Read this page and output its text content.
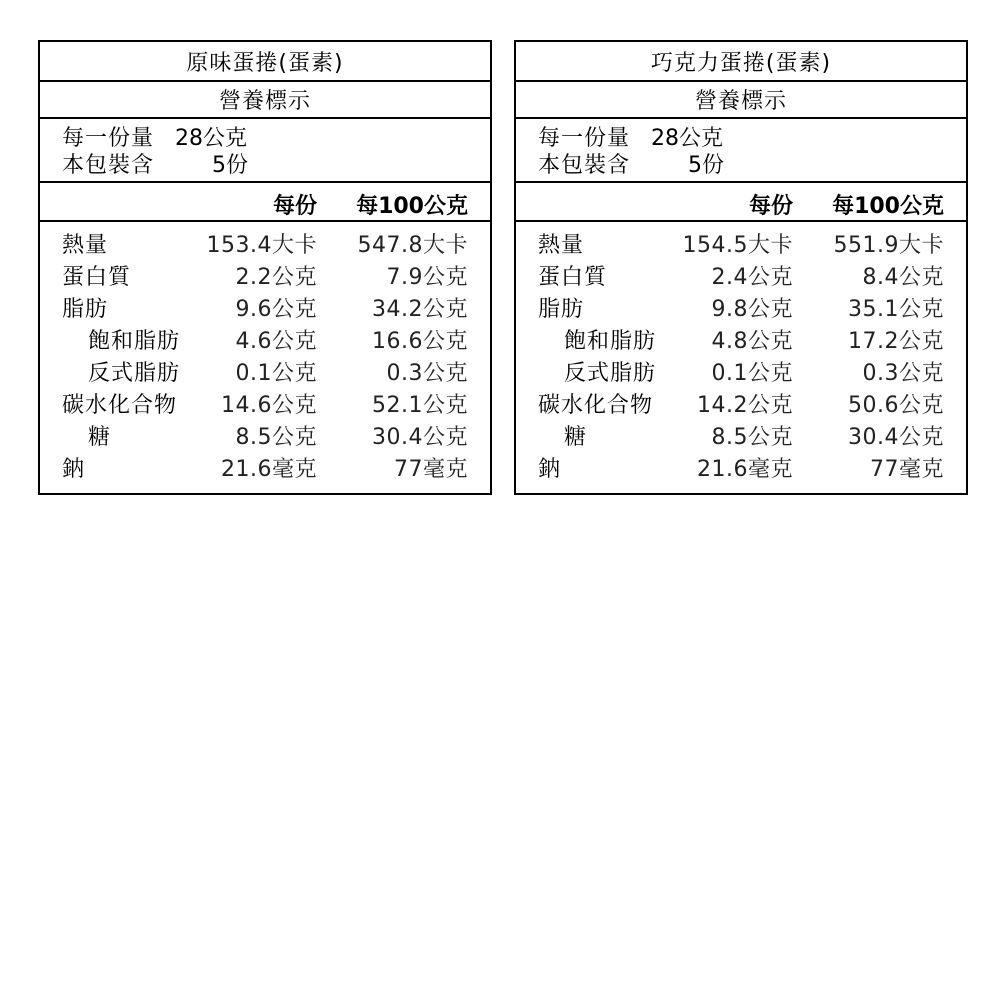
原味蛋捲(蛋素)
營養標示
每一份量 28公克
本包裝含	5份
每份 每100公克
熱量	153.4大卡 547.8大卡
蛋白質	2.2公克	7.9公克
脂肪	9.6公克	34.2公克
飽和脂肪	4.6公克	16.6公克
反式脂肪	0.1公克	0.3公克
碳水化合物 14.6公克	52.1公克
糖	8.5公克	30.4公克
鈉	21.6毫克	77毫克
巧克力蛋捲(蛋素)
營養標示
每一份量 28公克
本包裝含	5份
每份 每100公克
熱量	154.5大卡 551.9大卡
蛋白質	2.4公克	8.4公克
脂肪	9.8公克	35.1公克
飽和脂肪	4.8公克	17.2公克
反式脂肪	0.1公克	0.3公克
碳水化合物 14.2公克	50.6公克
糖	8.5公克	30.4公克
鈉	21.6毫克	77毫克
